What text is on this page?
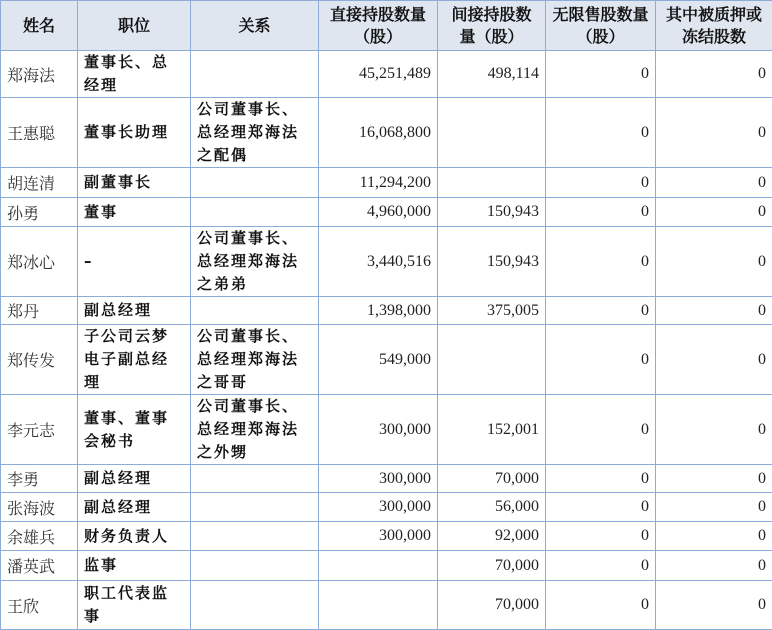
姓名	职位	关系	直接持股数量（股）	间接持股数量（股）	无限售股数量（股）	其中被质押或冻结股数
郑海法	董事长、总经理		45,251,489	498,114	0	0
王惠聪	董事长助理	公司董事长、总经理郑海法之配偶	16,068,800		0	0
胡连清	副董事长		11,294,200		0	0
孙勇	董事		4,960,000	150,943	0	0
郑冰心	–	公司董事长、总经理郑海法之弟弟	3,440,516	150,943	0	0
郑丹	副总经理		1,398,000	375,005	0	0
郑传发	子公司云梦电子副总经理	公司董事长、总经理郑海法之哥哥	549,000		0	0
李元志	董事、董事会秘书	公司董事长、总经理郑海法之外甥	300,000	152,001	0	0
李勇	副总经理		300,000	70,000	0	0
张海波	副总经理		300,000	56,000	0	0
余雄兵	财务负责人		300,000	92,000	0	0
潘英武	监事			70,000	0	0
王欣	职工代表监事			70,000	0	0
